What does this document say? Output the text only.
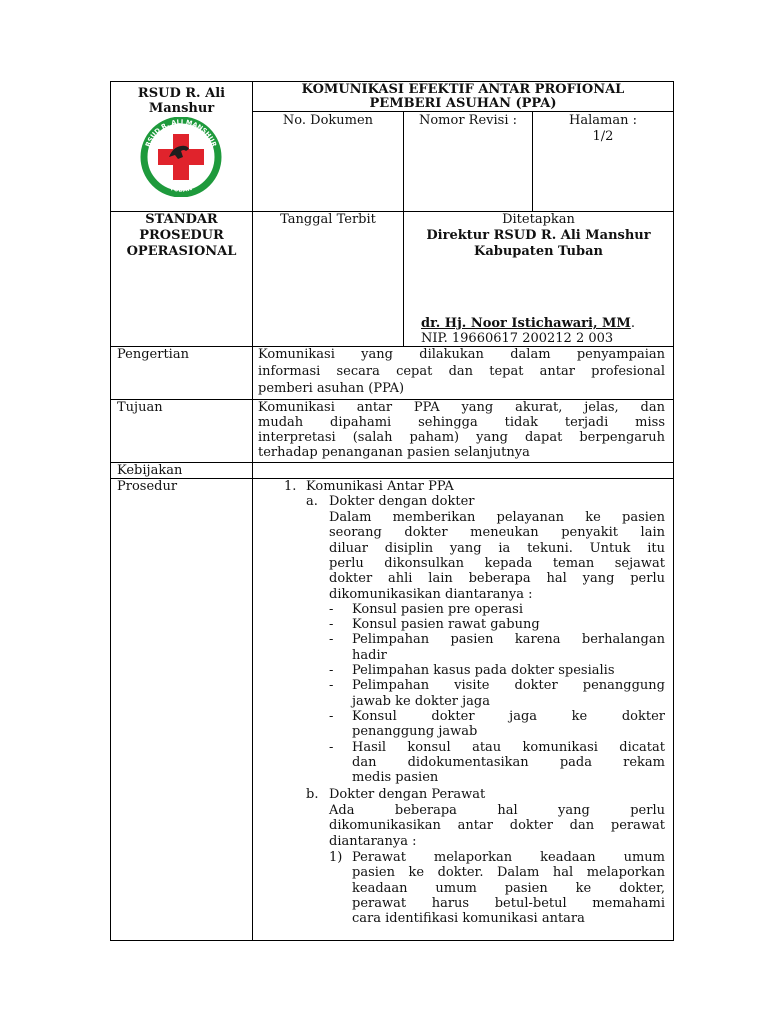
RSUD R. Ali
Manshur
RSUD R. ALI MANSHUR
TUBAN
KOMUNIKASI EFEKTIF ANTAR PROFIONAL
PEMBERI ASUHAN (PPA)
No. Dokumen	Nomor Revisi :	Halaman :
1/2
STANDAR
PROSEDUR
OPERASIONAL
Tanggal Terbit	Ditetapkan
Direktur RSUD R. Ali Manshur
Kabupaten Tuban
dr. Hj. Noor Istichawari, MM.
NIP. 19660617 200212 2 003
Pengertian	Komunikasi yang dilakukan dalam penyampaian
informasi secara cepat dan tepat antar profesional
pemberi asuhan (PPA)
Tujuan	Komunikasi antar PPA yang akurat, jelas, dan
mudah dipahami sehingga tidak terjadi miss
interpretasi (salah paham) yang dapat berpengaruh
terhadap penanganan pasien selanjutnya
Kebijakan
Prosedur	1. Komunikasi Antar PPA
a. Dokter dengan dokter
Dalam memberikan pelayanan ke pasien
seorang dokter meneukan penyakit lain
diluar disiplin yang ia tekuni. Untuk itu
perlu dikonsulkan kepada teman sejawat
dokter ahli lain beberapa hal yang perlu
dikomunikasikan diantaranya :
- Konsul pasien pre operasi
- Konsul pasien rawat gabung
- Pelimpahan pasien karena berhalangan
hadir
- Pelimpahan kasus pada dokter spesialis
- Pelimpahan visite dokter penanggung
jawab ke dokter jaga
- Konsul dokter jaga ke dokter
penanggung jawab
- Hasil konsul atau komunikasi dicatat
dan didokumentasikan pada rekam
medis pasien
b. Dokter dengan Perawat
Ada beberapa hal yang perlu
dikomunikasikan antar dokter dan perawat
diantaranya :
1) Perawat melaporkan keadaan umum
pasien ke dokter. Dalam hal melaporkan
keadaan umum pasien ke dokter,
perawat harus betul-betul memahami
cara identifikasi komunikasi antara
